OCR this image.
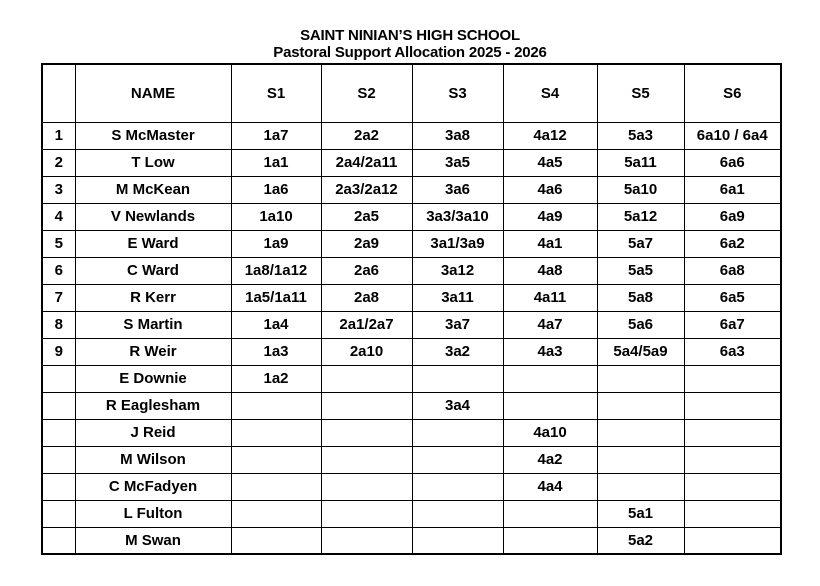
SAINT NINIAN’S HIGH SCHOOL
Pastoral Support Allocation 2025 - 2026
	NAME	S1	S2	S3	S4	S5	S6
1	S McMaster	1a7	2a2	3a8	4a12	5a3	6a10 / 6a4
2	T Low	1a1	2a4/2a11	3a5	4a5	5a11	6a6
3	M McKean	1a6	2a3/2a12	3a6	4a6	5a10	6a1
4	V Newlands	1a10	2a5	3a3/3a10	4a9	5a12	6a9
5	E Ward	1a9	2a9	3a1/3a9	4a1	5a7	6a2
6	C Ward	1a8/1a12	2a6	3a12	4a8	5a5	6a8
7	R Kerr	1a5/1a11	2a8	3a11	4a11	5a8	6a5
8	S Martin	1a4	2a1/2a7	3a7	4a7	5a6	6a7
9	R Weir	1a3	2a10	3a2	4a3	5a4/5a9	6a3
	E Downie	1a2					
	R Eaglesham			3a4			
	J Reid				4a10		
	M Wilson				4a2		
	C McFadyen				4a4		
	L Fulton					5a1	
	M Swan					5a2	
